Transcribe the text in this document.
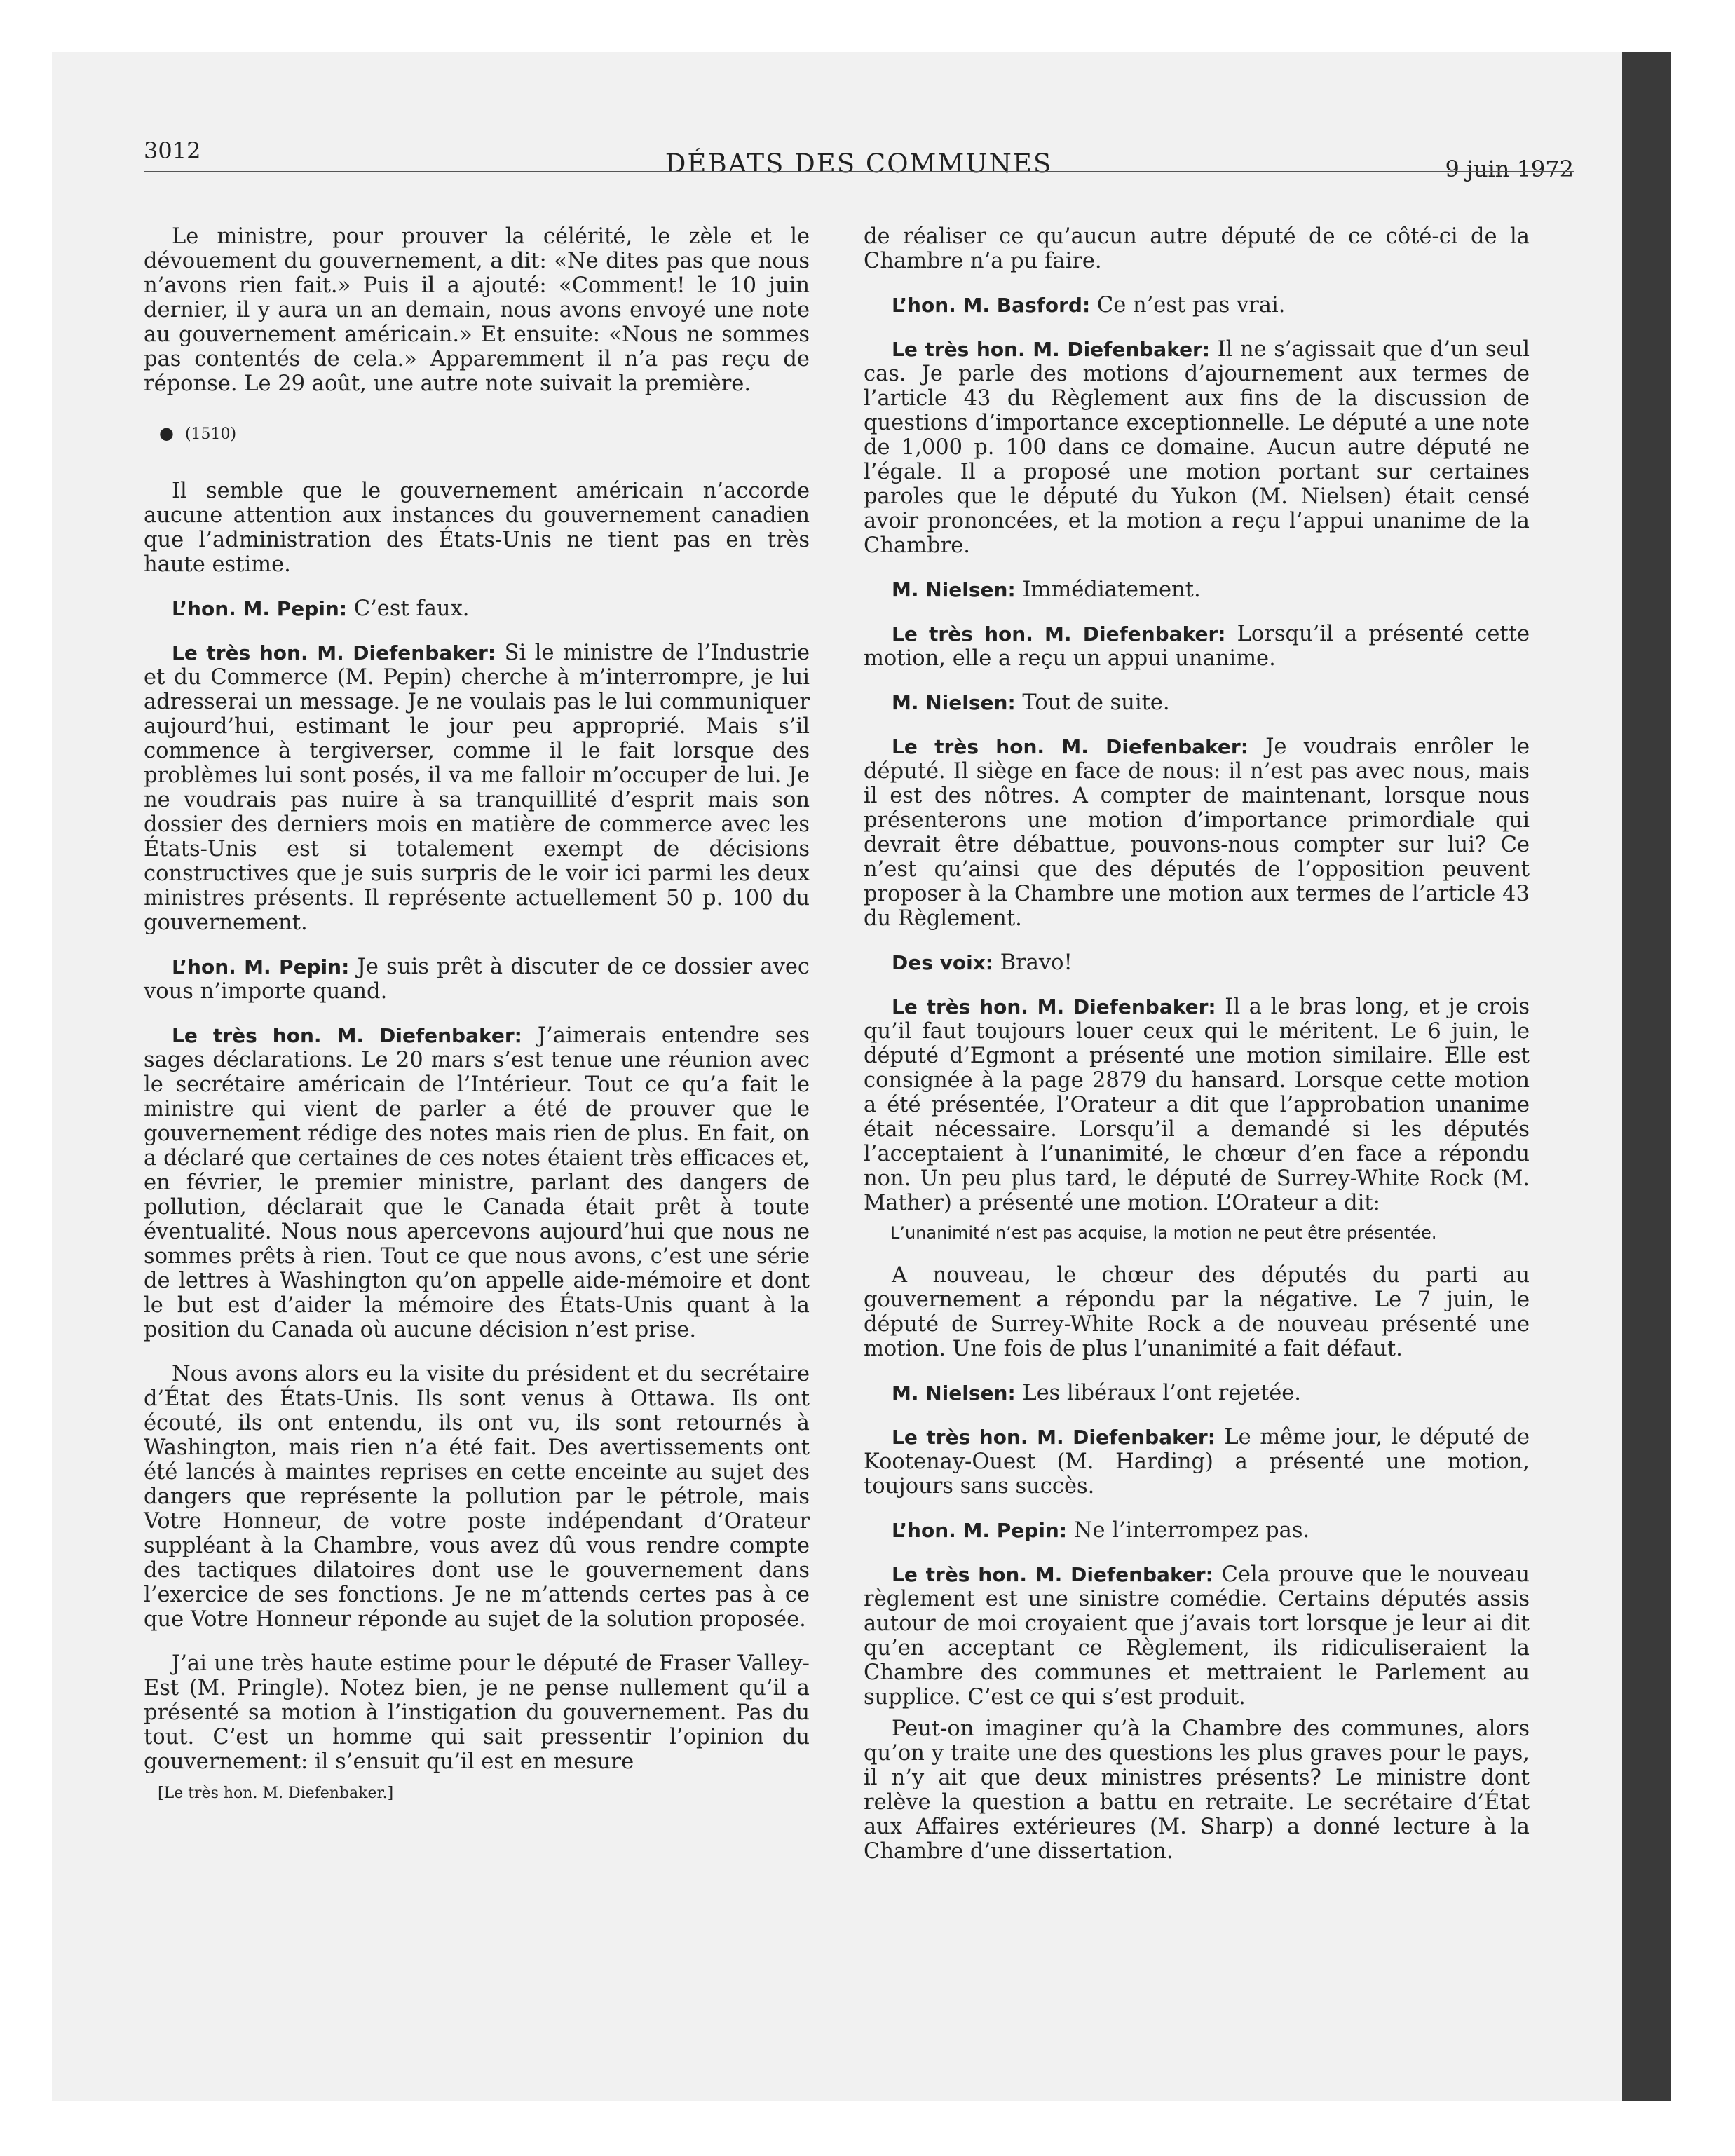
3012	DÉBATS DES COMMUNES	9 juin 1972

Le ministre, pour prouver la célérité, le zèle et le dévouement du gouvernement, a dit: «Ne dites pas que nous n’avons rien fait.» Puis il a ajouté: «Comment! le 10 juin dernier, il y aura un an demain, nous avons envoyé une note au gouvernement américain.» Et ensuite: «Nous ne sommes pas contentés de cela.» Apparemment il n’a pas reçu de réponse. Le 29 août, une autre note suivait la première.

● (1510)

Il semble que le gouvernement américain n’accorde aucune attention aux instances du gouvernement canadien que l’administration des États-Unis ne tient pas en très haute estime.

L’hon. M. Pepin: C’est faux.

Le très hon. M. Diefenbaker: Si le ministre de l’Industrie et du Commerce (M. Pepin) cherche à m’interrompre, je lui adresserai un message. Je ne voulais pas le lui communiquer aujourd’hui, estimant le jour peu approprié. Mais s’il commence à tergiverser, comme il le fait lorsque des problèmes lui sont posés, il va me falloir m’occuper de lui. Je ne voudrais pas nuire à sa tranquillité d’esprit mais son dossier des derniers mois en matière de commerce avec les États-Unis est si totalement exempt de décisions constructives que je suis surpris de le voir ici parmi les deux ministres présents. Il représente actuellement 50 p. 100 du gouvernement.

L’hon. M. Pepin: Je suis prêt à discuter de ce dossier avec vous n’importe quand.

Le très hon. M. Diefenbaker: J’aimerais entendre ses sages déclarations. Le 20 mars s’est tenue une réunion avec le secrétaire américain de l’Intérieur. Tout ce qu’a fait le ministre qui vient de parler a été de prouver que le gouvernement rédige des notes mais rien de plus. En fait, on a déclaré que certaines de ces notes étaient très efficaces et, en février, le premier ministre, parlant des dangers de pollution, déclarait que le Canada était prêt à toute éventualité. Nous nous apercevons aujourd’hui que nous ne sommes prêts à rien. Tout ce que nous avons, c’est une série de lettres à Washington qu’on appelle aide-mémoire et dont le but est d’aider la mémoire des États-Unis quant à la position du Canada où aucune décision n’est prise.

Nous avons alors eu la visite du président et du secrétaire d’État des États-Unis. Ils sont venus à Ottawa. Ils ont écouté, ils ont entendu, ils ont vu, ils sont retournés à Washington, mais rien n’a été fait. Des avertissements ont été lancés à maintes reprises en cette enceinte au sujet des dangers que représente la pollution par le pétrole, mais Votre Honneur, de votre poste indépendant d’Orateur suppléant à la Chambre, vous avez dû vous rendre compte des tactiques dilatoires dont use le gouvernement dans l’exercice de ses fonctions. Je ne m’attends certes pas à ce que Votre Honneur réponde au sujet de la solution proposée.

J’ai une très haute estime pour le député de Fraser Valley-Est (M. Pringle). Notez bien, je ne pense nullement qu’il a présenté sa motion à l’instigation du gouvernement. Pas du tout. C’est un homme qui sait pressentir l’opinion du gouvernement: il s’ensuit qu’il est en mesure

[Le très hon. M. Diefenbaker.]

de réaliser ce qu’aucun autre député de ce côté-ci de la Chambre n’a pu faire.

L’hon. M. Basford: Ce n’est pas vrai.

Le très hon. M. Diefenbaker: Il ne s’agissait que d’un seul cas. Je parle des motions d’ajournement aux termes de l’article 43 du Règlement aux fins de la discussion de questions d’importance exceptionnelle. Le député a une note de 1,000 p. 100 dans ce domaine. Aucun autre député ne l’égale. Il a proposé une motion portant sur certaines paroles que le député du Yukon (M. Nielsen) était censé avoir prononcées, et la motion a reçu l’appui unanime de la Chambre.

M. Nielsen: Immédiatement.

Le très hon. M. Diefenbaker: Lorsqu’il a présenté cette motion, elle a reçu un appui unanime.

M. Nielsen: Tout de suite.

Le très hon. M. Diefenbaker: Je voudrais enrôler le député. Il siège en face de nous: il n’est pas avec nous, mais il est des nôtres. A compter de maintenant, lorsque nous présenterons une motion d’importance primordiale qui devrait être débattue, pouvons-nous compter sur lui? Ce n’est qu’ainsi que des députés de l’opposition peuvent proposer à la Chambre une motion aux termes de l’article 43 du Règlement.

Des voix: Bravo!

Le très hon. M. Diefenbaker: Il a le bras long, et je crois qu’il faut toujours louer ceux qui le méritent. Le 6 juin, le député d’Egmont a présenté une motion similaire. Elle est consignée à la page 2879 du hansard. Lorsque cette motion a été présentée, l’Orateur a dit que l’approbation unanime était nécessaire. Lorsqu’il a demandé si les députés l’acceptaient à l’unanimité, le chœur d’en face a répondu non. Un peu plus tard, le député de Surrey-White Rock (M. Mather) a présenté une motion. L’Orateur a dit:

L’unanimité n’est pas acquise, la motion ne peut être présentée.

A nouveau, le chœur des députés du parti au gouvernement a répondu par la négative. Le 7 juin, le député de Surrey-White Rock a de nouveau présenté une motion. Une fois de plus l’unanimité a fait défaut.

M. Nielsen: Les libéraux l’ont rejetée.

Le très hon. M. Diefenbaker: Le même jour, le député de Kootenay-Ouest (M. Harding) a présenté une motion, toujours sans succès.

L’hon. M. Pepin: Ne l’interrompez pas.

Le très hon. M. Diefenbaker: Cela prouve que le nouveau règlement est une sinistre comédie. Certains députés assis autour de moi croyaient que j’avais tort lorsque je leur ai dit qu’en acceptant ce Règlement, ils ridiculiseraient la Chambre des communes et mettraient le Parlement au supplice. C’est ce qui s’est produit.

Peut-on imaginer qu’à la Chambre des communes, alors qu’on y traite une des questions les plus graves pour le pays, il n’y ait que deux ministres présents? Le ministre dont relève la question a battu en retraite. Le secrétaire d’État aux Affaires extérieures (M. Sharp) a donné lecture à la Chambre d’une dissertation.
